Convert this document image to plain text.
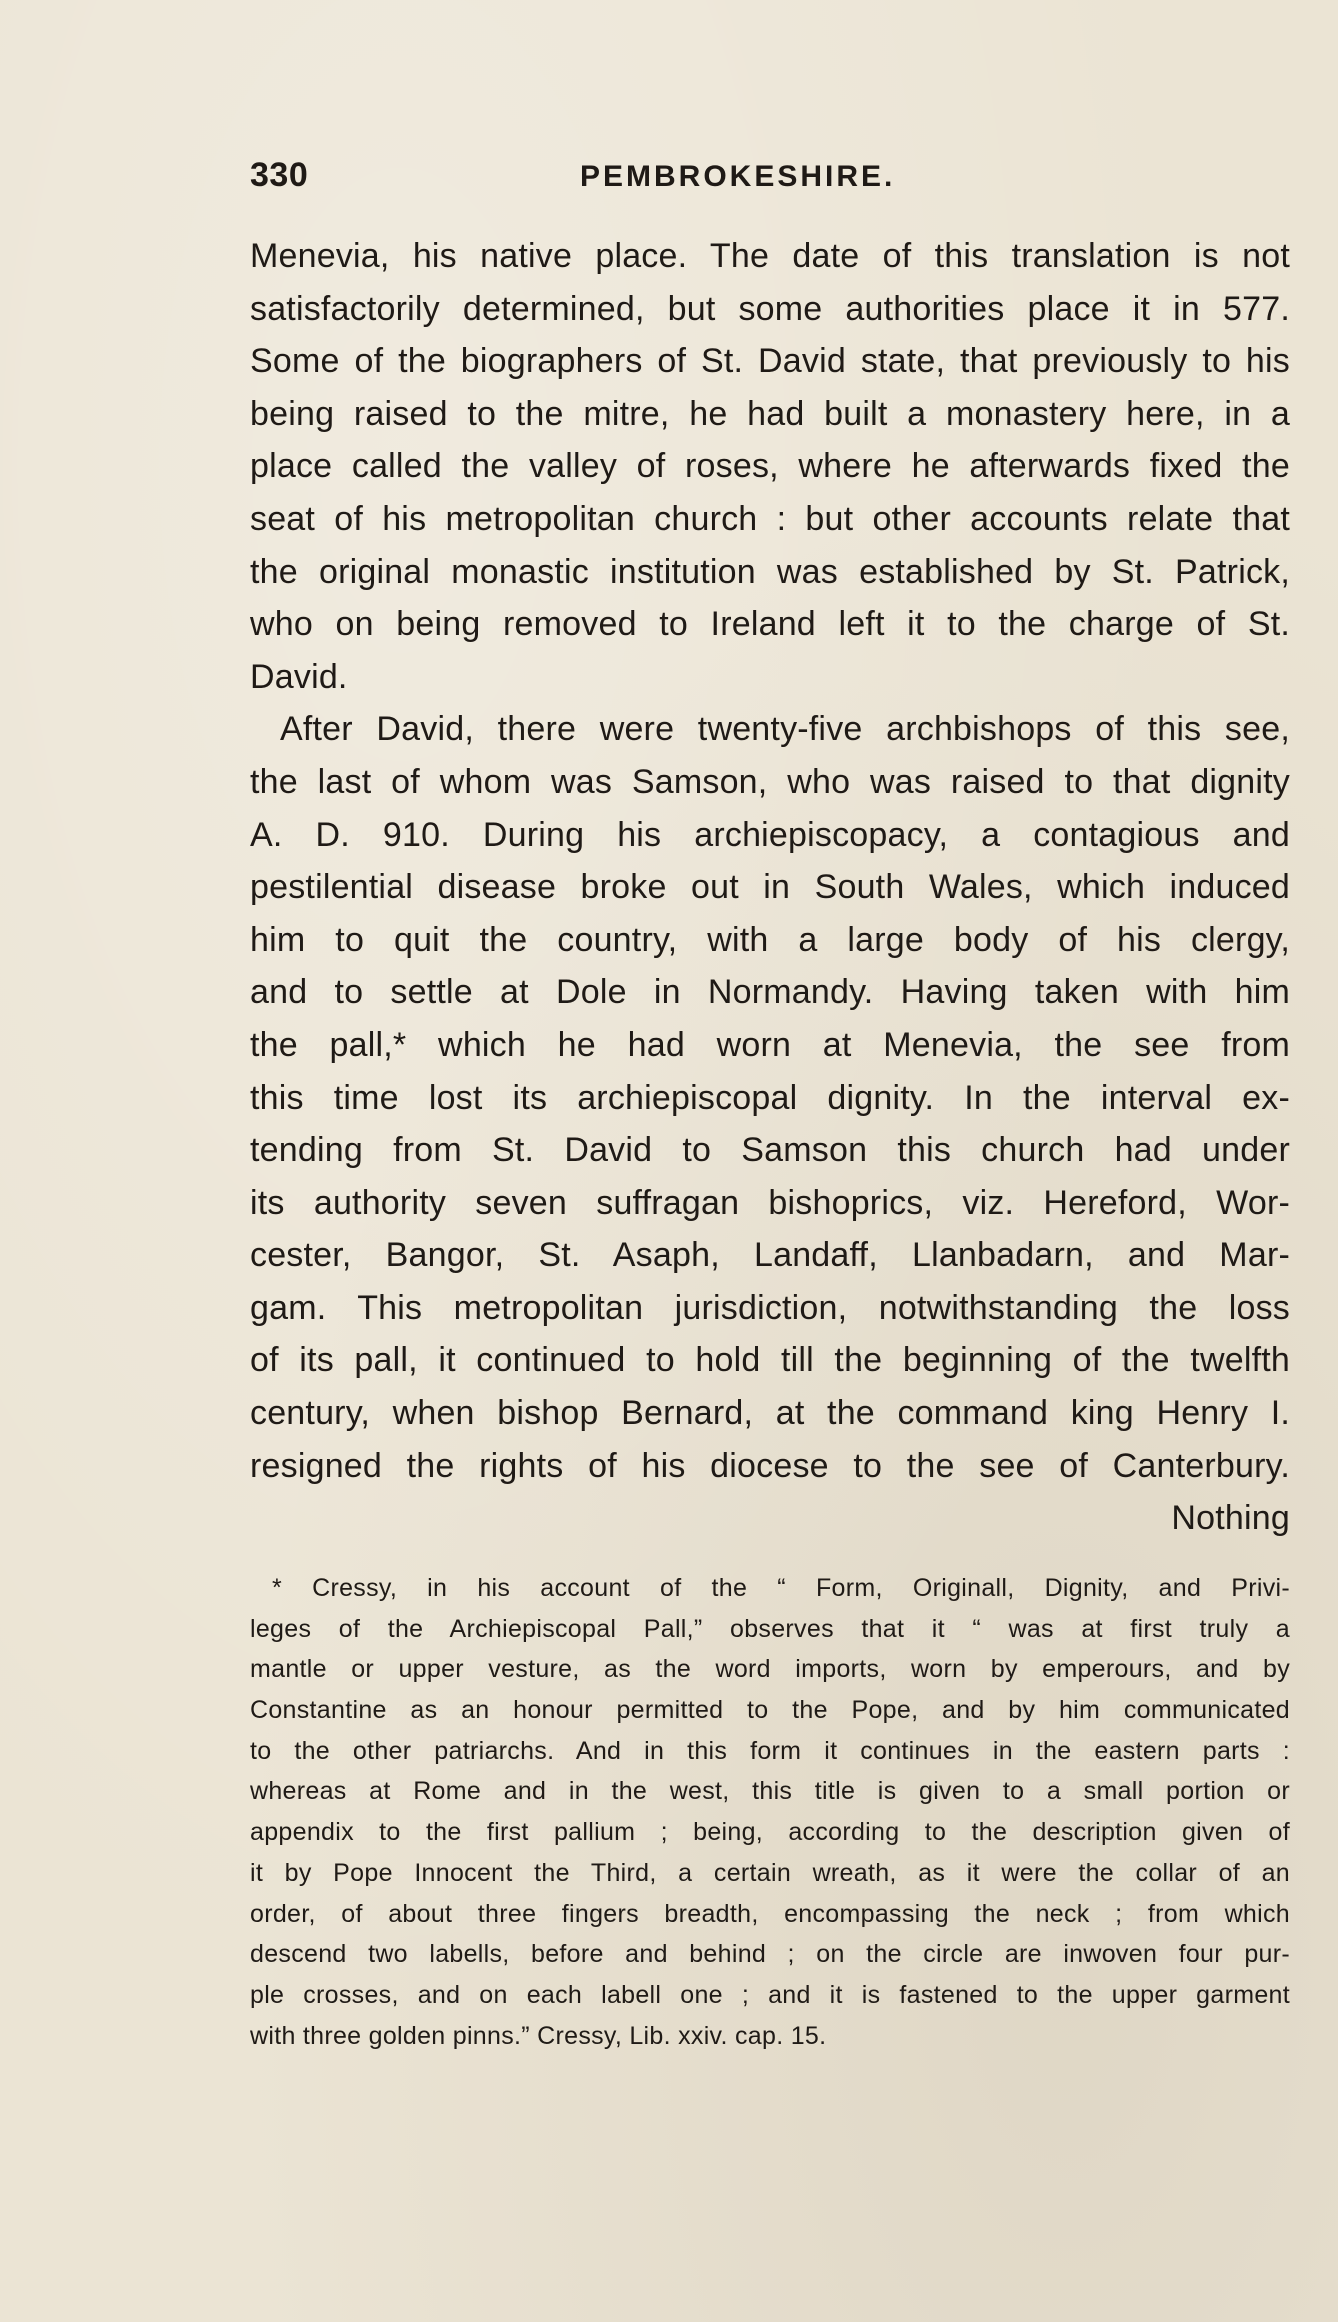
330	PEMBROKESHIRE.
Menevia, his native place. The date of this translation is not
satisfactorily determined, but some authorities place it in 577.
Some of the biographers of St. David state, that previously to his
being raised to the mitre, he had built a monastery here, in a
place called the valley of roses, where he afterwards fixed the
seat of his metropolitan church : but other accounts relate that
the original monastic institution was established by St. Patrick,
who on being removed to Ireland left it to the charge of St.
David.
After David, there were twenty-five archbishops of this see,
the last of whom was Samson, who was raised to that dignity
A. D. 910. During his archiepiscopacy, a contagious and
pestilential disease broke out in South Wales, which induced
him to quit the country, with a large body of his clergy,
and to settle at Dole in Normandy. Having taken with him
the pall,* which he had worn at Menevia, the see from
this time lost its archiepiscopal dignity. In the interval ex-
tending from St. David to Samson this church had under
its authority seven suffragan bishoprics, viz. Hereford, Wor-
cester, Bangor, St. Asaph, Landaff, Llanbadarn, and Mar-
gam. This metropolitan jurisdiction, notwithstanding the loss
of its pall, it continued to hold till the beginning of the twelfth
century, when bishop Bernard, at the command king Henry I.
resigned the rights of his diocese to the see of Canterbury.
Nothing
* Cressy, in his account of the “ Form, Originall, Dignity, and Privi-
leges of the Archiepiscopal Pall,” observes that it “ was at first truly a
mantle or upper vesture, as the word imports, worn by emperours, and by
Constantine as an honour permitted to the Pope, and by him communicated
to the other patriarchs. And in this form it continues in the eastern parts :
whereas at Rome and in the west, this title is given to a small portion or
appendix to the first pallium ; being, according to the description given of
it by Pope Innocent the Third, a certain wreath, as it were the collar of an
order, of about three fingers breadth, encompassing the neck ; from which
descend two labells, before and behind ; on the circle are inwoven four pur-
ple crosses, and on each labell one ; and it is fastened to the upper garment
with three golden pinns.” Cressy, Lib. xxiv. cap. 15.
